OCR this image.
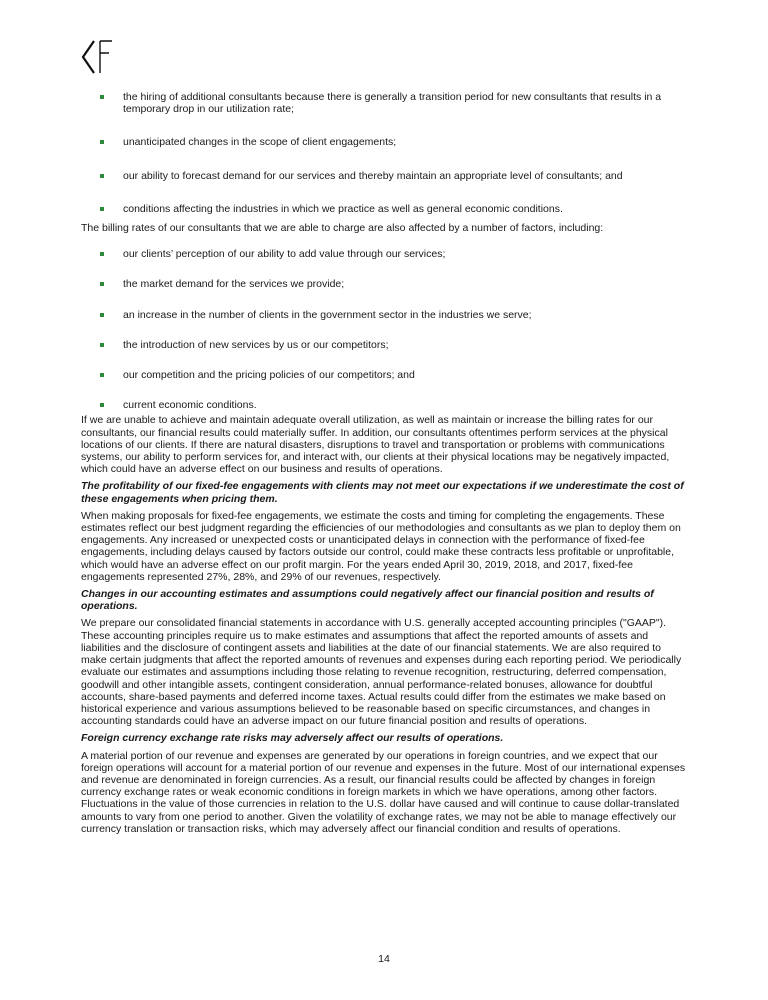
the hiring of additional consultants because there is generally a transition period for new consultants that results in a temporary drop in our utilization rate;
unanticipated changes in the scope of client engagements;
our ability to forecast demand for our services and thereby maintain an appropriate level of consultants; and
conditions affecting the industries in which we practice as well as general economic conditions.

The billing rates of our consultants that we are able to charge are also affected by a number of factors, including:

our clients’ perception of our ability to add value through our services;
the market demand for the services we provide;
an increase in the number of clients in the government sector in the industries we serve;
the introduction of new services by us or our competitors;
our competition and the pricing policies of our competitors; and
current economic conditions.

If we are unable to achieve and maintain adequate overall utilization, as well as maintain or increase the billing rates for our consultants, our financial results could materially suffer. In addition, our consultants oftentimes perform services at the physical locations of our clients. If there are natural disasters, disruptions to travel and transportation or problems with communications systems, our ability to perform services for, and interact with, our clients at their physical locations may be negatively impacted, which could have an adverse effect on our business and results of operations.

The profitability of our fixed-fee engagements with clients may not meet our expectations if we underestimate the cost of these engagements when pricing them.

When making proposals for fixed-fee engagements, we estimate the costs and timing for completing the engagements. These estimates reflect our best judgment regarding the efficiencies of our methodologies and consultants as we plan to deploy them on engagements. Any increased or unexpected costs or unanticipated delays in connection with the performance of fixed-fee engagements, including delays caused by factors outside our control, could make these contracts less profitable or unprofitable, which would have an adverse effect on our profit margin. For the years ended April 30, 2019, 2018, and 2017, fixed-fee engagements represented 27%, 28%, and 29% of our revenues, respectively.

Changes in our accounting estimates and assumptions could negatively affect our financial position and results of operations.

We prepare our consolidated financial statements in accordance with U.S. generally accepted accounting principles ("GAAP"). These accounting principles require us to make estimates and assumptions that affect the reported amounts of assets and liabilities and the disclosure of contingent assets and liabilities at the date of our financial statements. We are also required to make certain judgments that affect the reported amounts of revenues and expenses during each reporting period. We periodically evaluate our estimates and assumptions including those relating to revenue recognition, restructuring, deferred compensation, goodwill and other intangible assets, contingent consideration, annual performance-related bonuses, allowance for doubtful accounts, share-based payments and deferred income taxes. Actual results could differ from the estimates we make based on historical experience and various assumptions believed to be reasonable based on specific circumstances, and changes in accounting standards could have an adverse impact on our future financial position and results of operations.

Foreign currency exchange rate risks may adversely affect our results of operations.

A material portion of our revenue and expenses are generated by our operations in foreign countries, and we expect that our foreign operations will account for a material portion of our revenue and expenses in the future. Most of our international expenses and revenue are denominated in foreign currencies. As a result, our financial results could be affected by changes in foreign currency exchange rates or weak economic conditions in foreign markets in which we have operations, among other factors. Fluctuations in the value of those currencies in relation to the U.S. dollar have caused and will continue to cause dollar-translated amounts to vary from one period to another. Given the volatility of exchange rates, we may not be able to manage effectively our currency translation or transaction risks, which may adversely affect our financial condition and results of operations.

14
